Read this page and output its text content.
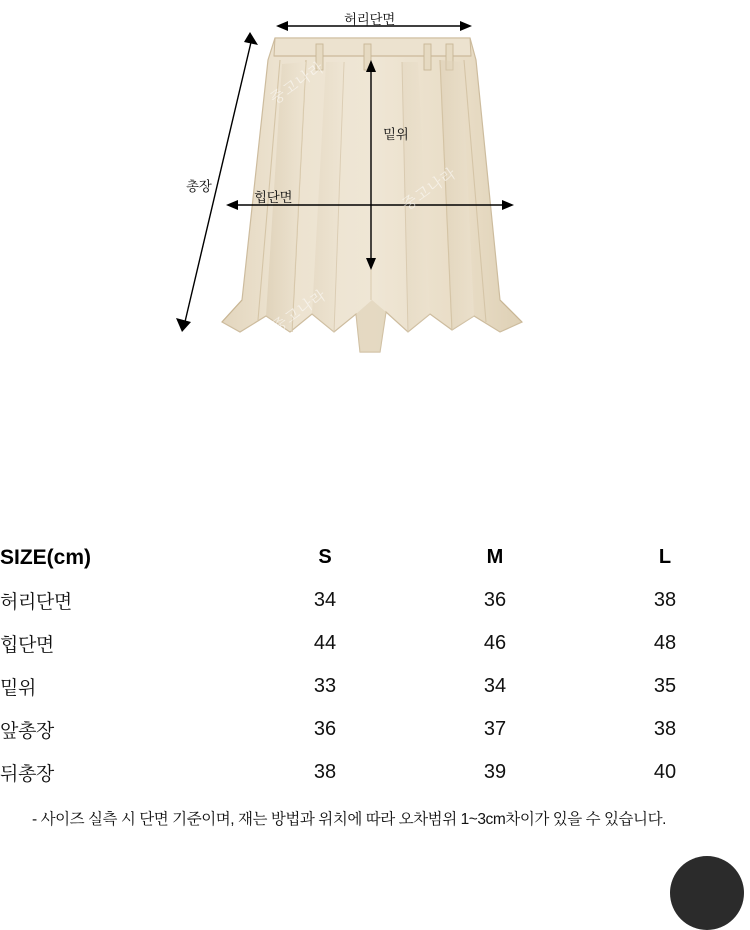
허리단면
총장
힙단면
밑위
중고나라
중고나라
중고나라
SIZE(cm)	S	M	L
허리단면	34	36	38
힙단면	44	46	48
밑위	33	34	35
앞총장	36	37	38
뒤총장	38	39	40
- 사이즈 실측 시 단면 기준이며, 재는 방법과 위치에 따라 오차범위 1~3cm차이가 있을 수 있습니다.
